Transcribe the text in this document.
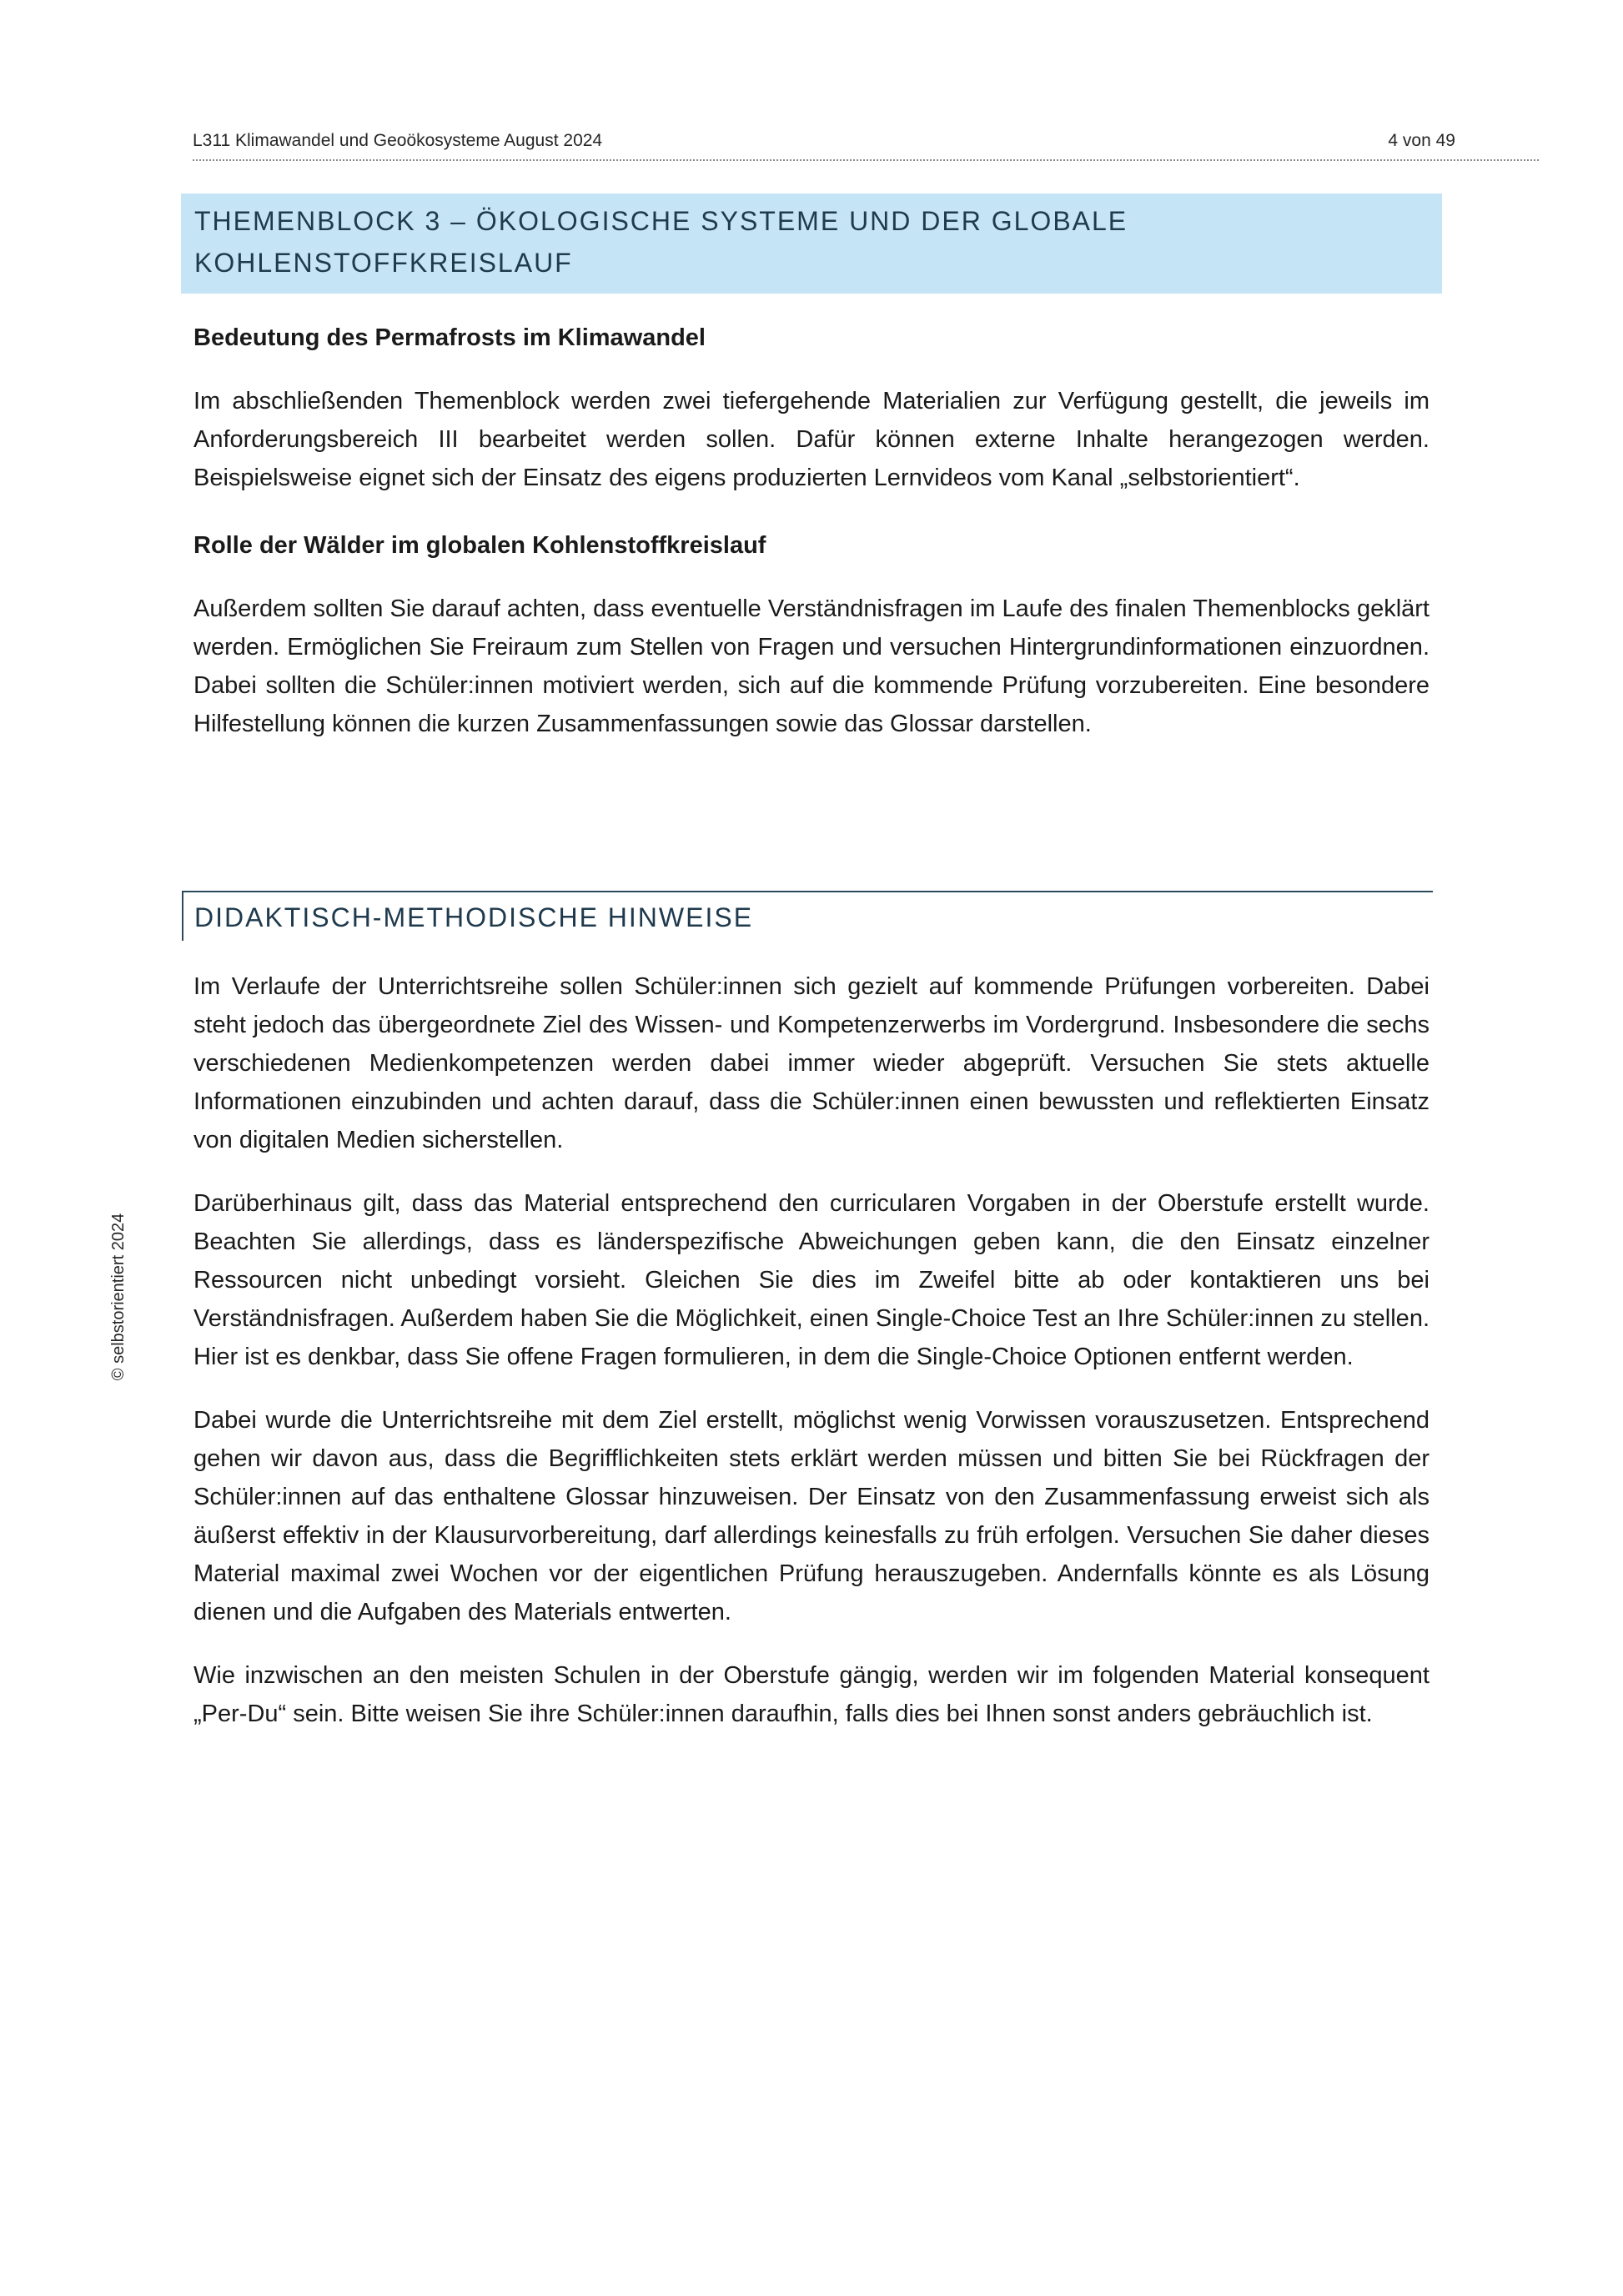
L311 Klimawandel und Geoökosysteme August 2024	4 von 49
© selbstorientiert 2024
THEMENBLOCK 3 – ÖKOLOGISCHE SYSTEME UND DER GLOBALE
KOHLENSTOFFKREISLAUF

Bedeutung des Permafrosts im Klimawandel

Im abschließenden Themenblock werden zwei tiefergehende Materialien zur Verfügung gestellt, die jeweils im Anforderungsbereich III bearbeitet werden sollen. Dafür können externe Inhalte herangezogen werden. Beispielsweise eignet sich der Einsatz des eigens produzierten Lernvideos vom Kanal „selbstorientiert“.

Rolle der Wälder im globalen Kohlenstoffkreislauf

Außerdem sollten Sie darauf achten, dass eventuelle Verständnisfragen im Laufe des finalen Themenblocks geklärt werden. Ermöglichen Sie Freiraum zum Stellen von Fragen und versuchen Hintergrundinformationen einzuordnen. Dabei sollten die Schüler:innen motiviert werden, sich auf die kommende Prüfung vorzubereiten. Eine besondere Hilfestellung können die kurzen Zusammenfassungen sowie das Glossar darstellen.

DIDAKTISCH-METHODISCHE HINWEISE

Im Verlaufe der Unterrichtsreihe sollen Schüler:innen sich gezielt auf kommende Prüfungen vorbereiten. Dabei steht jedoch das übergeordnete Ziel des Wissen- und Kompetenzerwerbs im Vordergrund. Insbesondere die sechs verschiedenen Medienkompetenzen werden dabei immer wieder abgeprüft. Versuchen Sie stets aktuelle Informationen einzubinden und achten darauf, dass die Schüler:innen einen bewussten und reflektierten Einsatz von digitalen Medien sicherstellen.

Darüberhinaus gilt, dass das Material entsprechend den curricularen Vorgaben in der Oberstufe erstellt wurde. Beachten Sie allerdings, dass es länderspezifische Abweichungen geben kann, die den Einsatz einzelner Ressourcen nicht unbedingt vorsieht. Gleichen Sie dies im Zweifel bitte ab oder kontaktieren uns bei Verständnisfragen. Außerdem haben Sie die Möglichkeit, einen Single-Choice Test an Ihre Schüler:innen zu stellen. Hier ist es denkbar, dass Sie offene Fragen formulieren, in dem die Single-Choice Optionen entfernt werden.

Dabei wurde die Unterrichtsreihe mit dem Ziel erstellt, möglichst wenig Vorwissen vorauszusetzen. Entsprechend gehen wir davon aus, dass die Begrifflichkeiten stets erklärt werden müssen und bitten Sie bei Rückfragen der Schüler:innen auf das enthaltene Glossar hinzuweisen. Der Einsatz von den Zusammenfassung erweist sich als äußerst effektiv in der Klausurvorbereitung, darf allerdings keinesfalls zu früh erfolgen. Versuchen Sie daher dieses Material maximal zwei Wochen vor der eigentlichen Prüfung herauszugeben. Andernfalls könnte es als Lösung dienen und die Aufgaben des Materials entwerten.

Wie inzwischen an den meisten Schulen in der Oberstufe gängig, werden wir im folgenden Material konsequent „Per-Du“ sein. Bitte weisen Sie ihre Schüler:innen daraufhin, falls dies bei Ihnen sonst anders gebräuchlich ist.
